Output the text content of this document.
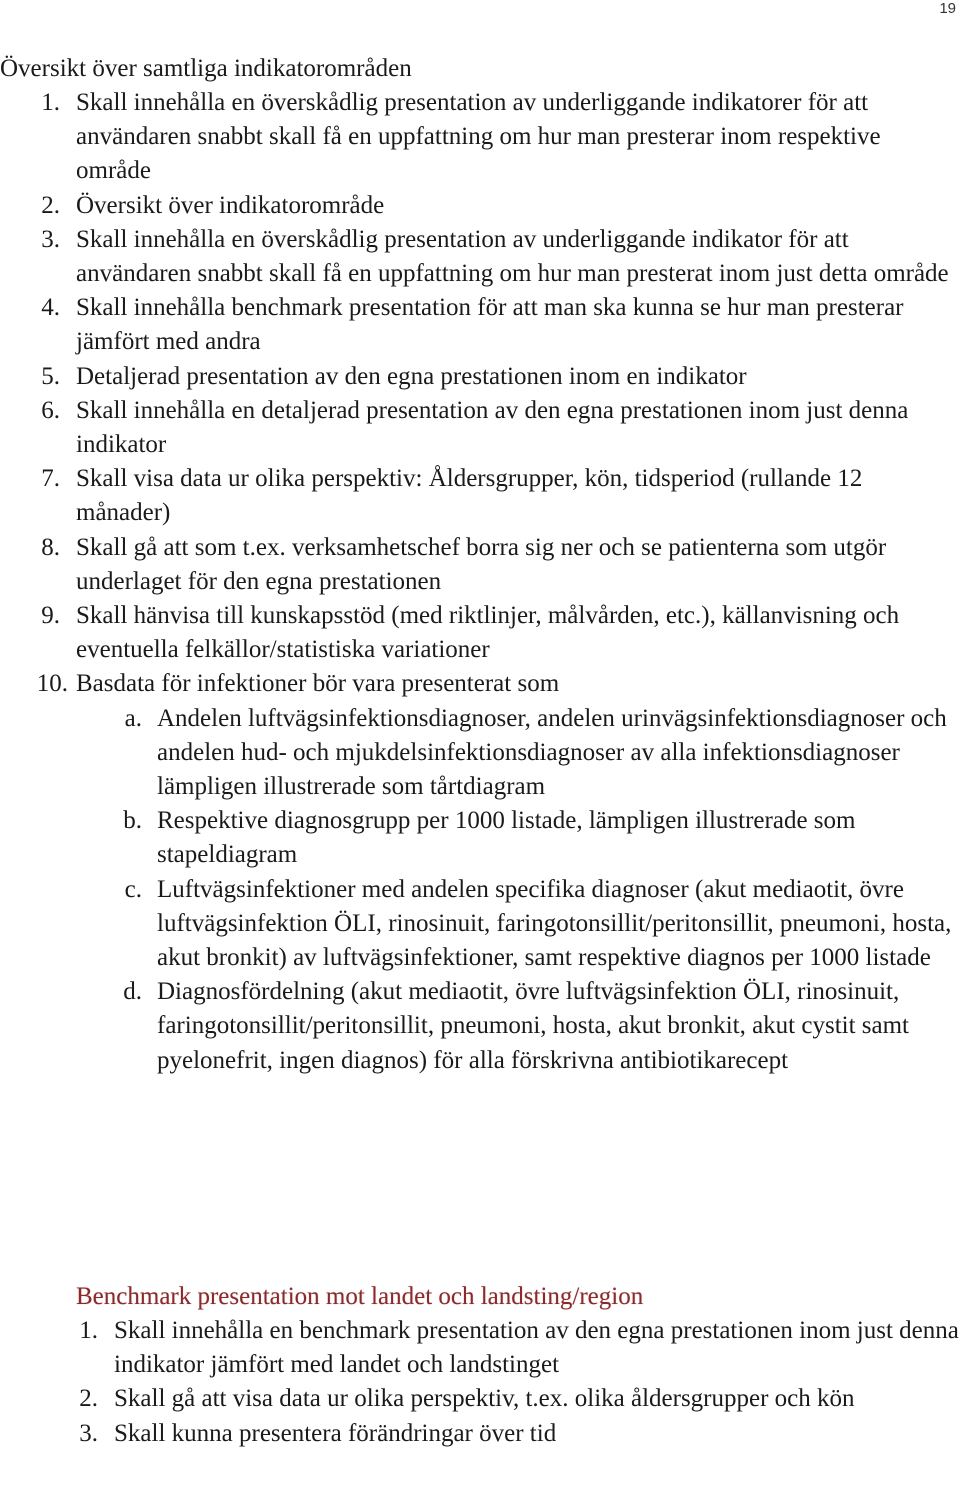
19
Översikt över samtliga indikatorområden
1. Skall innehålla en överskådlig presentation av underliggande indikatorer för att användaren snabbt skall få en uppfattning om hur man presterar inom respektive område
2. Översikt över indikatorområde
3. Skall innehålla en överskådlig presentation av underliggande indikator för att användaren snabbt skall få en uppfattning om hur man presterat inom just detta område
4. Skall innehålla benchmark presentation för att man ska kunna se hur man presterar jämfört med andra
5. Detaljerad presentation av den egna prestationen inom en indikator
6. Skall innehålla en detaljerad presentation av den egna prestationen inom just denna indikator
7. Skall visa data ur olika perspektiv: Åldersgrupper, kön, tidsperiod (rullande 12 månader)
8. Skall gå att som t.ex. verksamhetschef borra sig ner och se patienterna som utgör underlaget för den egna prestationen
9. Skall hänvisa till kunskapsstöd (med riktlinjer, målvården, etc.), källanvisning och eventuella felkällor/statistiska variationer
10. Basdata för infektioner bör vara presenterat som
a. Andelen luftvägsinfektionsdiagnoser, andelen urinvägsinfektionsdiagnoser och andelen hud- och mjukdelsinfektionsdiagnoser av alla infektionsdiagnoser lämpligen illustrerade som tårtdiagram
b. Respektive diagnosgrupp per 1000 listade, lämpligen illustrerade som stapeldiagram
c. Luftvägsinfektioner med andelen specifika diagnoser (akut mediaotit, övre luftvägsinfektion ÖLI, rinosinuit, faringotonsillit/peritonsillit, pneumoni, hosta, akut bronkit) av luftvägsinfektioner, samt respektive diagnos per 1000 listade
d. Diagnosfördelning (akut mediaotit, övre luftvägsinfektion ÖLI, rinosinuit, faringotonsillit/peritonsillit, pneumoni, hosta, akut bronkit, akut cystit samt pyelonefrit, ingen diagnos) för alla förskrivna antibiotikarecept
Benchmark presentation mot landet och landsting/region
1. Skall innehålla en benchmark presentation av den egna prestationen inom just denna indikator jämfört med landet och landstinget
2. Skall gå att visa data ur olika perspektiv, t.ex. olika åldersgrupper och kön
3. Skall kunna presentera förändringar över tid
